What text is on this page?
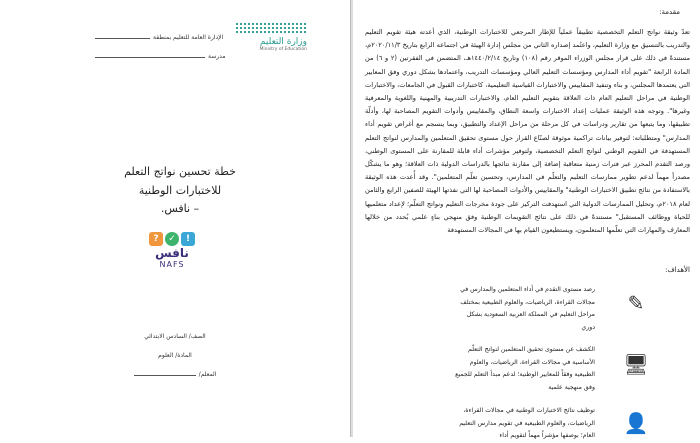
الإدارة العامة للتعليم بمنطقة
مدرسة
وزارة التعليم
Ministry of Education
خطة تحسين نواتج التعلم
للاختبارات الوطنية
– نافس.
?	✓	!
نافس
NAFS
الصف/ السادس الابتدائي
المادة/ العلوم
المعلم/
مقدمة:
تعدّ وثيقة نواتج التعلم التخصصية تطبيقاً عملياً للإطار المرجعي للاختبارات الوطنية، الذي أعدته هيئة تقويم التعليم والتدريب بالتنسيق مع وزارة التعليم، واعتُمد إصداره الثاني من مجلس إدارة الهيئة في اجتماعه الرابع بتاريخ ٢٠٢٠/١١/٣م، مستندةً في ذلك على قرار مجلس الوزراء الموقر رقم (١٠٨) وتاريخ ١٤٤٠/٢/١٤هـ، المتضمن في الفقرتين (٢ و ٦) من المادة الرابعة "تقويم أداء المدارس ومؤسسات التعليم العالي ومؤسسات التدريب، واعتمادها بشكل دوري وفق المعايير التي يعتمدها المجلس، و بناء وتنفيذ المقاييس والاختبارات القياسية التعليمية، كاختبارات القبول في الجامعات، والاختبارات الوطنية في مراحل التعليم العام ذات العلاقة بتقويم التعليم العام، والاختبارات التدريبية والمهنية واللغوية والمعرفية وغيرها". وتوجه هذه الوثيقة عمليات إعداد الاختبارات واسعة النطاق، والمقاييس وأدوات التقويم المصاحبة لها، وأدلّة تطبيقها، وما يتبعها من تقارير ودراسات في كل مرحلة من مراحل الإعداد والتطبيق، وبما ينسجم مع أغراض تقويم أداء المدارس" ومتطلباته: لتوفير بيانات تراكمية موثوقة لصنّاع القرار حول مستوى تحقيق المتعلمين والمدارس لنواتج التعلم المستهدفة في التقويم الوطني لنواتج التعلم التخصصية، ولتوفير مؤشرات أداء قابلة للمقارنة على المستوى الوطني، ورصد التقدم المحرز عبر فترات زمنية متعاقبة إضافة إلى مقارنة نتائجها بالدراسات الدولية ذات العلاقة؛ وهو ما يشكّل مصدراً مهماً لدعم تطوير ممارسات التعليم والتعلّم في المدارس، وتحسين تعلّم المتعلمين". وقد أُعدت هذه الوثيقة بالاستفادة من نتائج تطبيق الاختبارات الوطنية" والمقاييس والأدوات المصاحبة لها التي نفذتها الهيئة للصفين الرابع والثامن لعام ٢٠١٨م، وتحليل الممارسات الدولية التي استهدفت التركيز على جودة مخرجات التعليم ونواتج التعلّم؛ لإعداد متعلميها للحياة ووظائف المستقبل" مستندةً في ذلك على نتائج التقويمات الوطنية وفق منهجي بناءٍ علمي يُحدد من خلالها المعارف والمهارات التي تعلّمها المتعلمون، ويستطيعون القيام بها في المجالات المستهدفة
الأهداف:
رصد مستوى التقدم في أداء المتعلمين والمدارس في مجالات القراءة، الرياضيات، والعلوم الطبيعية بمختلف مراحل التعليم في المملكة العربية السعودية بشكل دوري
✎
الكشف عن مستوى تحقيق المتعلمين لنواتج التعلّم الأساسية في مجالات القراءة، الرياضيات، والعلوم الطبيعية وفقاً للمعايير الوطنية؛ لدعم مبدأ التعلم للجميع وفق منهجية علمية
🖥
توظيف نتائج الاختبارات الوطنية في مجالات القراءة، الرياضيات، والعلوم الطبيعية في تقويم مدارس التعليم العام؛ بوصفها مؤشراً مهماً لتقويم أداء
👤
